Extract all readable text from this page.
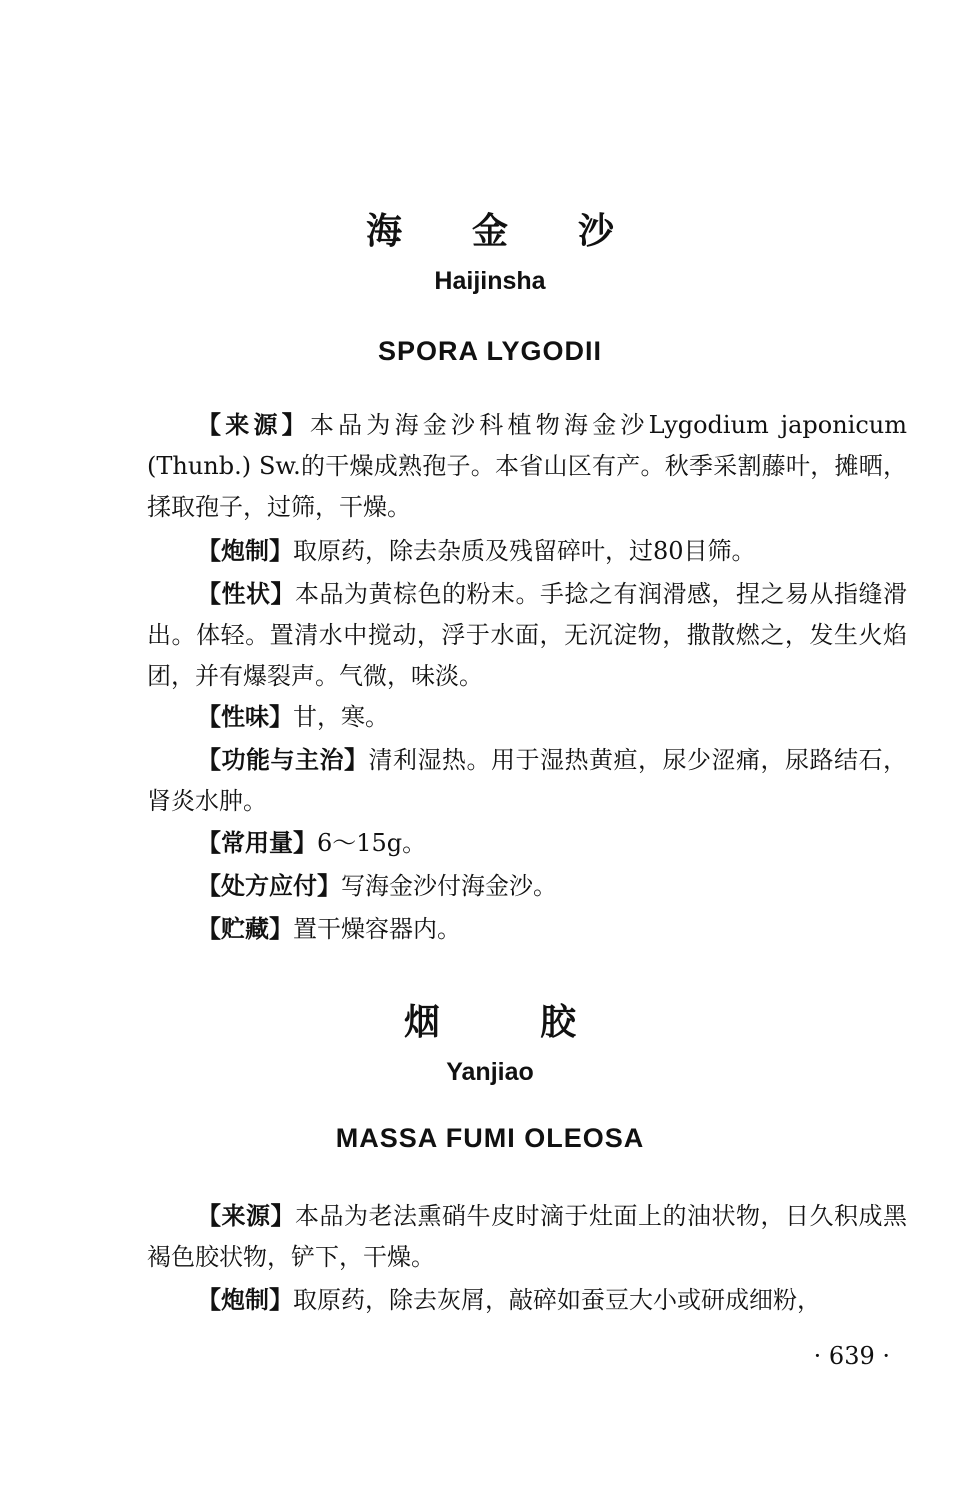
海 金 沙
Haijinsha
SPORA LYGODII
【来源】本品为海金沙科植物海金沙Lygodium japonicum (Thunb.) Sw.的干燥成熟孢子。本省山区有产。秋季采割藤叶，摊晒，揉取孢子，过筛，干燥。
【炮制】取原药，除去杂质及残留碎叶，过80目筛。
【性状】本品为黄棕色的粉末。手捻之有润滑感，捏之易从指缝滑出。体轻。置清水中搅动，浮于水面，无沉淀物，撒散燃之，发生火焰团，并有爆裂声。气微，味淡。
【性味】甘，寒。
【功能与主治】清利湿热。用于湿热黄疸，尿少涩痛，尿路结石，肾炎水肿。
【常用量】6～15g。
【处方应付】写海金沙付海金沙。
【贮藏】置干燥容器内。
烟	胶
Yanjiao
MASSA FUMI OLEOSA
【来源】本品为老法熏硝牛皮时滴于灶面上的油状物，日久积成黑褐色胶状物，铲下，干燥。
【炮制】取原药，除去灰屑，敲碎如蚕豆大小或研成细粉，
· 639 ·
